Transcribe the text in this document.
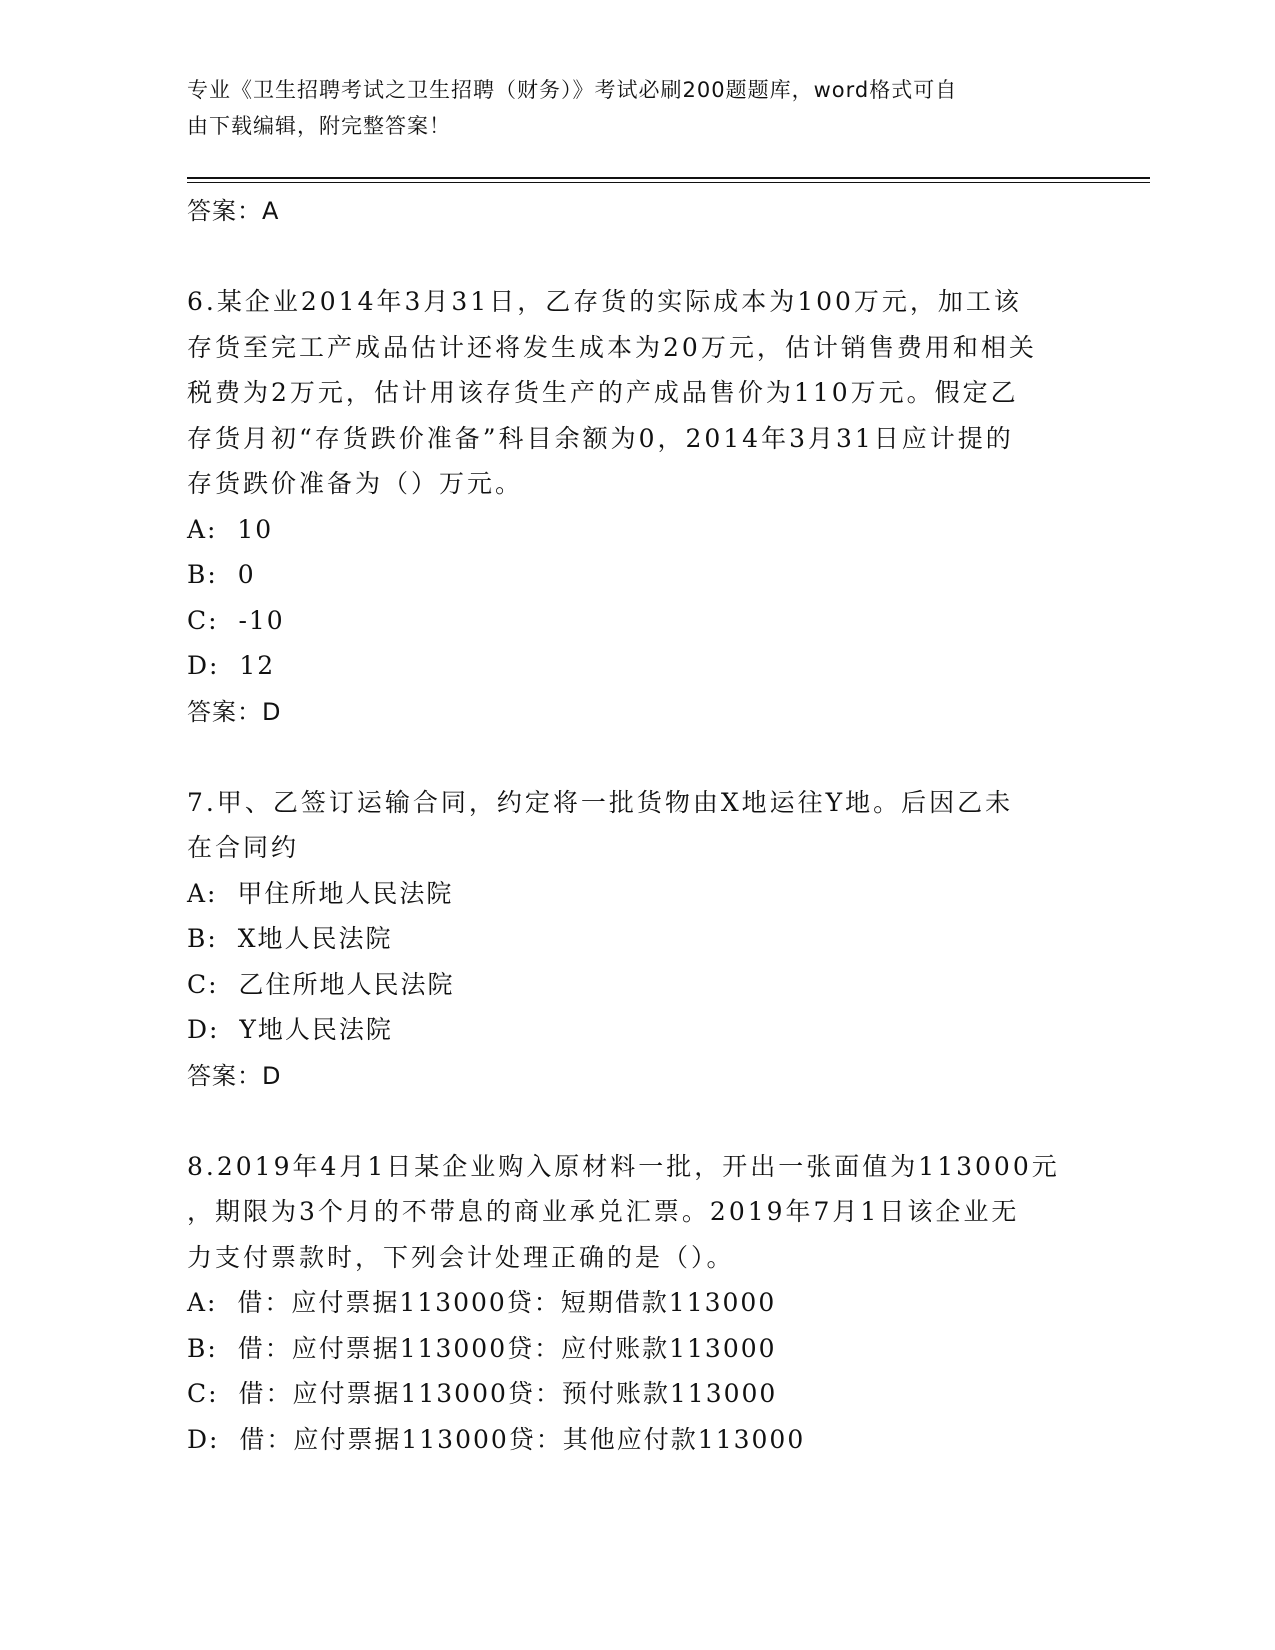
专业《卫生招聘考试之卫生招聘（财务）》考试必刷200题题库，word格式可自
由下载编辑，附完整答案！
答案：A
6.某企业2014年3月31日，乙存货的实际成本为100万元，加工该
存货至完工产成品估计还将发生成本为20万元，估计销售费用和相关
税费为2万元，估计用该存货生产的产成品售价为110万元。假定乙
存货月初“存货跌价准备”科目余额为0，2014年3月31日应计提的
存货跌价准备为（）万元。
A:  10
B:  0
C:  -10
D:  12
答案：D
7.甲、乙签订运输合同，约定将一批货物由X地运往Y地。后因乙未
在合同约
A:  甲住所地人民法院
B:  X地人民法院
C:  乙住所地人民法院
D:  Y地人民法院
答案：D
8.2019年4月1日某企业购入原材料一批，开出一张面值为113000元
，期限为3个月的不带息的商业承兑汇票。2019年7月1日该企业无
力支付票款时，下列会计处理正确的是（）。
A:  借：应付票据113000贷：短期借款113000
B:  借：应付票据113000贷：应付账款113000
C:  借：应付票据113000贷：预付账款113000
D:  借：应付票据113000贷：其他应付款113000
